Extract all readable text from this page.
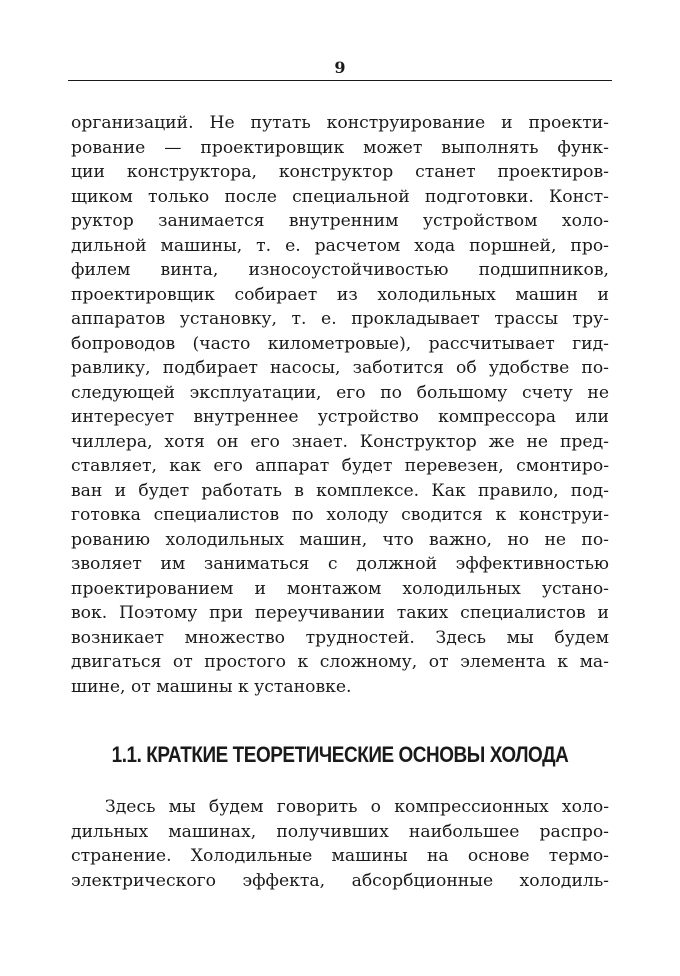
9
организаций. Не путать конструирование и проекти-
рование — проектировщик может выполнять функ-
ции конструктора, конструктор станет проектиров-
щиком только после специальной подготовки. Конст-
руктор занимается внутренним устройством холо-
дильной машины, т. е. расчетом хода поршней, про-
филем винта, износоустойчивостью подшипников,
проектировщик собирает из холодильных машин и
аппаратов установку, т. е. прокладывает трассы тру-
бопроводов (часто километровые), рассчитывает гид-
равлику, подбирает насосы, заботится об удобстве по-
следующей эксплуатации, его по большому счету не
интересует внутреннее устройство компрессора или
чиллера, хотя он его знает. Конструктор же не пред-
ставляет, как его аппарат будет перевезен, смонтиро-
ван и будет работать в комплексе. Как правило, под-
готовка специалистов по холоду сводится к конструи-
рованию холодильных машин, что важно, но не по-
зволяет им заниматься с должной эффективностью
проектированием и монтажом холодильных устано-
вок. Поэтому при переучивании таких специалистов и
возникает множество трудностей. Здесь мы будем
двигаться от простого к сложному, от элемента к ма-
шине, от машины к установке.
1.1. КРАТКИЕ ТЕОРЕТИЧЕСКИЕ ОСНОВЫ ХОЛОДА
Здесь мы будем говорить о компрессионных холо-
дильных машинах, получивших наибольшее распро-
странение. Холодильные машины на основе термо-
электрического эффекта, абсорбционные холодиль-
